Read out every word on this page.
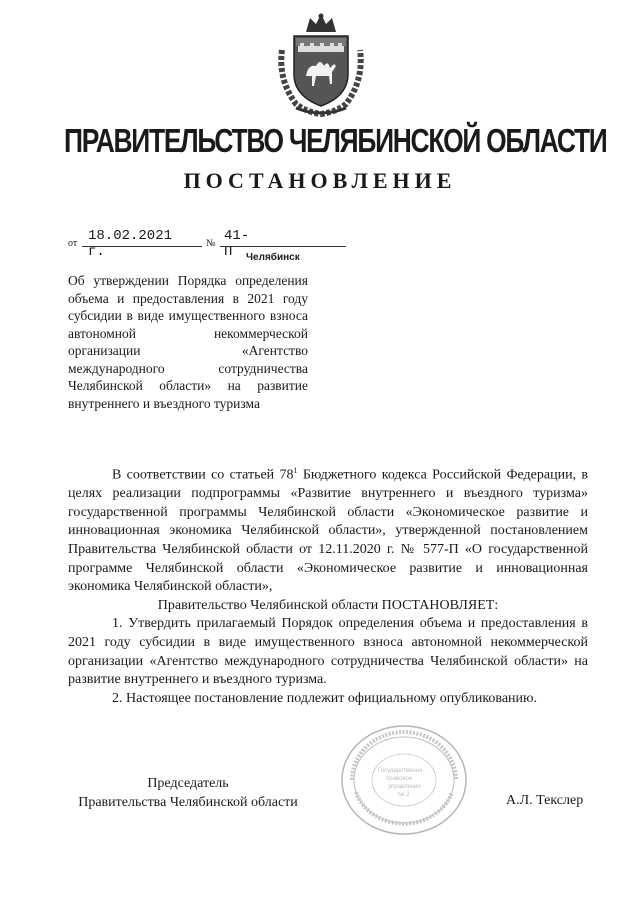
ПРАВИТЕЛЬСТВО ЧЕЛЯБИНСКОЙ ОБЛАСТИ
ПОСТАНОВЛЕНИЕ
от 18.02.2021 г.
№ 41-П	Челябинск
Об утверждении Порядка определения объема и предоставления в 2021 году субсидии в виде имущественного взноса автономной некоммерческой организации «Агентство международного сотрудничества Челябинской области» на развитие внутреннего и въездного туризма

В соответствии со статьей $78^1$ Бюджетного кодекса Российской Федерации, в целях реализации подпрограммы «Развитие внутреннего и въездного туризма» государственной программы Челябинской области «Экономическое развитие и инновационная экономика Челябинской области», утвержденной постановлением Правительства Челябинской области от 12.11.2020 г. № 577-П «О государственной программе Челябинской области «Экономическое развитие и инновационная экономика Челябинской области»,

Правительство Челябинской области ПОСТАНОВЛЯЕТ:

1. Утвердить прилагаемый Порядок определения объема и предоставления в 2021 году субсидии в виде имущественного взноса автономной некоммерческой организации «Агентство международного сотрудничества Челябинской области» на развитие внутреннего и въездного туризма.

2. Настоящее постановление подлежит официальному опубликованию.

Председатель
Правительства Челябинской области	А.Л. Текслер
Государственно-
правовое
управление
№ 2
